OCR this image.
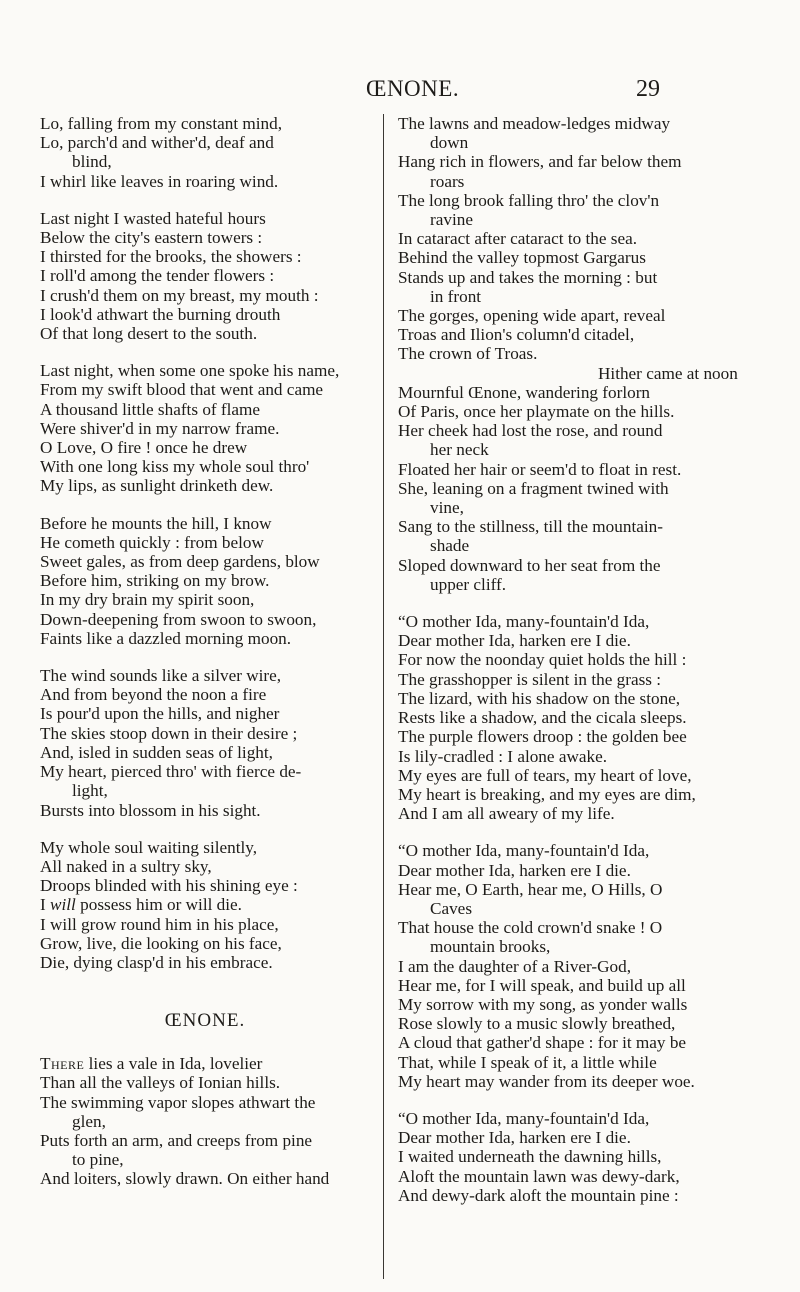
ŒNONE.	29
Lo, falling from my constant mind,
Lo, parch'd and wither'd, deaf and
blind,
I whirl like leaves in roaring wind.
Last night I wasted hateful hours
Below the city's eastern towers :
I thirsted for the brooks, the showers :
I roll'd among the tender flowers :
I crush'd them on my breast, my mouth :
I look'd athwart the burning drouth
Of that long desert to the south.
Last night, when some one spoke his name,
From my swift blood that went and came
A thousand little shafts of flame
Were shiver'd in my narrow frame.
O Love, O fire ! once he drew
With one long kiss my whole soul thro'
My lips, as sunlight drinketh dew.
Before he mounts the hill, I know
He cometh quickly : from below
Sweet gales, as from deep gardens, blow
Before him, striking on my brow.
In my dry brain my spirit soon,
Down-deepening from swoon to swoon,
Faints like a dazzled morning moon.
The wind sounds like a silver wire,
And from beyond the noon a fire
Is pour'd upon the hills, and nigher
The skies stoop down in their desire ;
And, isled in sudden seas of light,
My heart, pierced thro' with fierce de-
light,
Bursts into blossom in his sight.
My whole soul waiting silently,
All naked in a sultry sky,
Droops blinded with his shining eye :
I will possess him or will die.
I will grow round him in his place,
Grow, live, die looking on his face,
Die, dying clasp'd in his embrace.
ŒNONE.
There lies a vale in Ida, lovelier
Than all the valleys of Ionian hills.
The swimming vapor slopes athwart the
glen,
Puts forth an arm, and creeps from pine
to pine,
And loiters, slowly drawn. On either hand
The lawns and meadow-ledges midway
down
Hang rich in flowers, and far below them
roars
The long brook falling thro' the clov'n
ravine
In cataract after cataract to the sea.
Behind the valley topmost Gargarus
Stands up and takes the morning : but
in front
The gorges, opening wide apart, reveal
Troas and Ilion's column'd citadel,
The crown of Troas.
Hither came at noon
Mournful Œnone, wandering forlorn
Of Paris, once her playmate on the hills.
Her cheek had lost the rose, and round
her neck
Floated her hair or seem'd to float in rest.
She, leaning on a fragment twined with
vine,
Sang to the stillness, till the mountain-
shade
Sloped downward to her seat from the
upper cliff.
“O mother Ida, many-fountain'd Ida,
Dear mother Ida, harken ere I die.
For now the noonday quiet holds the hill :
The grasshopper is silent in the grass :
The lizard, with his shadow on the stone,
Rests like a shadow, and the cicala sleeps.
The purple flowers droop : the golden bee
Is lily-cradled : I alone awake.
My eyes are full of tears, my heart of love,
My heart is breaking, and my eyes are dim,
And I am all aweary of my life.
“O mother Ida, many-fountain'd Ida,
Dear mother Ida, harken ere I die.
Hear me, O Earth, hear me, O Hills, O
Caves
That house the cold crown'd snake ! O
mountain brooks,
I am the daughter of a River-God,
Hear me, for I will speak, and build up all
My sorrow with my song, as yonder walls
Rose slowly to a music slowly breathed,
A cloud that gather'd shape : for it may be
That, while I speak of it, a little while
My heart may wander from its deeper woe.
“O mother Ida, many-fountain'd Ida,
Dear mother Ida, harken ere I die.
I waited underneath the dawning hills,
Aloft the mountain lawn was dewy-dark,
And dewy-dark aloft the mountain pine :
